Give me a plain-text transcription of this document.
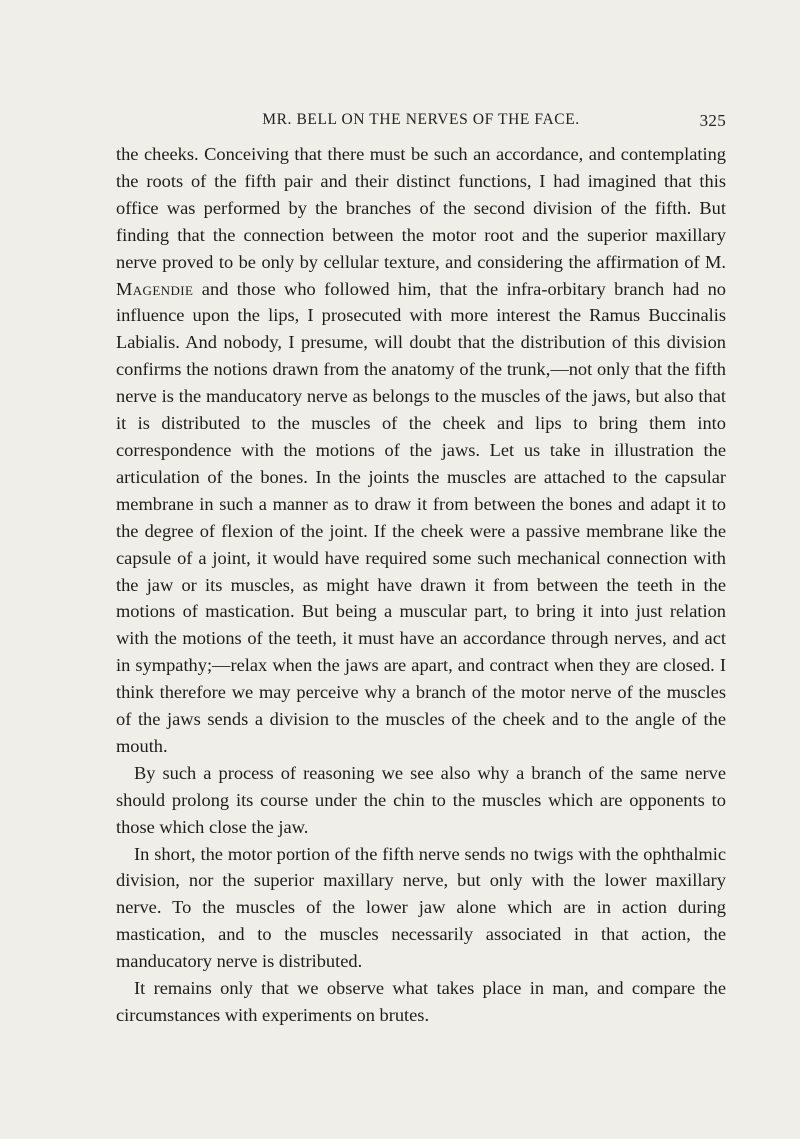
MR. BELL ON THE NERVES OF THE FACE.	325

the cheeks. Conceiving that there must be such an accordance, and contemplating the roots of the fifth pair and their distinct functions, I had imagined that this office was performed by the branches of the second division of the fifth. But finding that the connection between the motor root and the superior maxillary nerve proved to be only by cellular texture, and considering the affirmation of M. Magendie and those who followed him, that the infra-orbitary branch had no influence upon the lips, I prosecuted with more interest the Ramus Buccinalis Labialis. And nobody, I presume, will doubt that the distribution of this division confirms the notions drawn from the anatomy of the trunk,—not only that the fifth nerve is the manducatory nerve as belongs to the muscles of the jaws, but also that it is distributed to the muscles of the cheek and lips to bring them into correspondence with the motions of the jaws. Let us take in illustration the articulation of the bones. In the joints the muscles are attached to the capsular membrane in such a manner as to draw it from between the bones and adapt it to the degree of flexion of the joint. If the cheek were a passive membrane like the capsule of a joint, it would have required some such mechanical connection with the jaw or its muscles, as might have drawn it from between the teeth in the motions of mastication. But being a muscular part, to bring it into just relation with the motions of the teeth, it must have an accordance through nerves, and act in sympathy;—relax when the jaws are apart, and contract when they are closed. I think therefore we may perceive why a branch of the motor nerve of the muscles of the jaws sends a division to the muscles of the cheek and to the angle of the mouth.

By such a process of reasoning we see also why a branch of the same nerve should prolong its course under the chin to the muscles which are opponents to those which close the jaw.

In short, the motor portion of the fifth nerve sends no twigs with the ophthalmic division, nor the superior maxillary nerve, but only with the lower maxillary nerve. To the muscles of the lower jaw alone which are in action during mastication, and to the muscles necessarily associated in that action, the manducatory nerve is distributed.

It remains only that we observe what takes place in man, and compare the circumstances with experiments on brutes.
